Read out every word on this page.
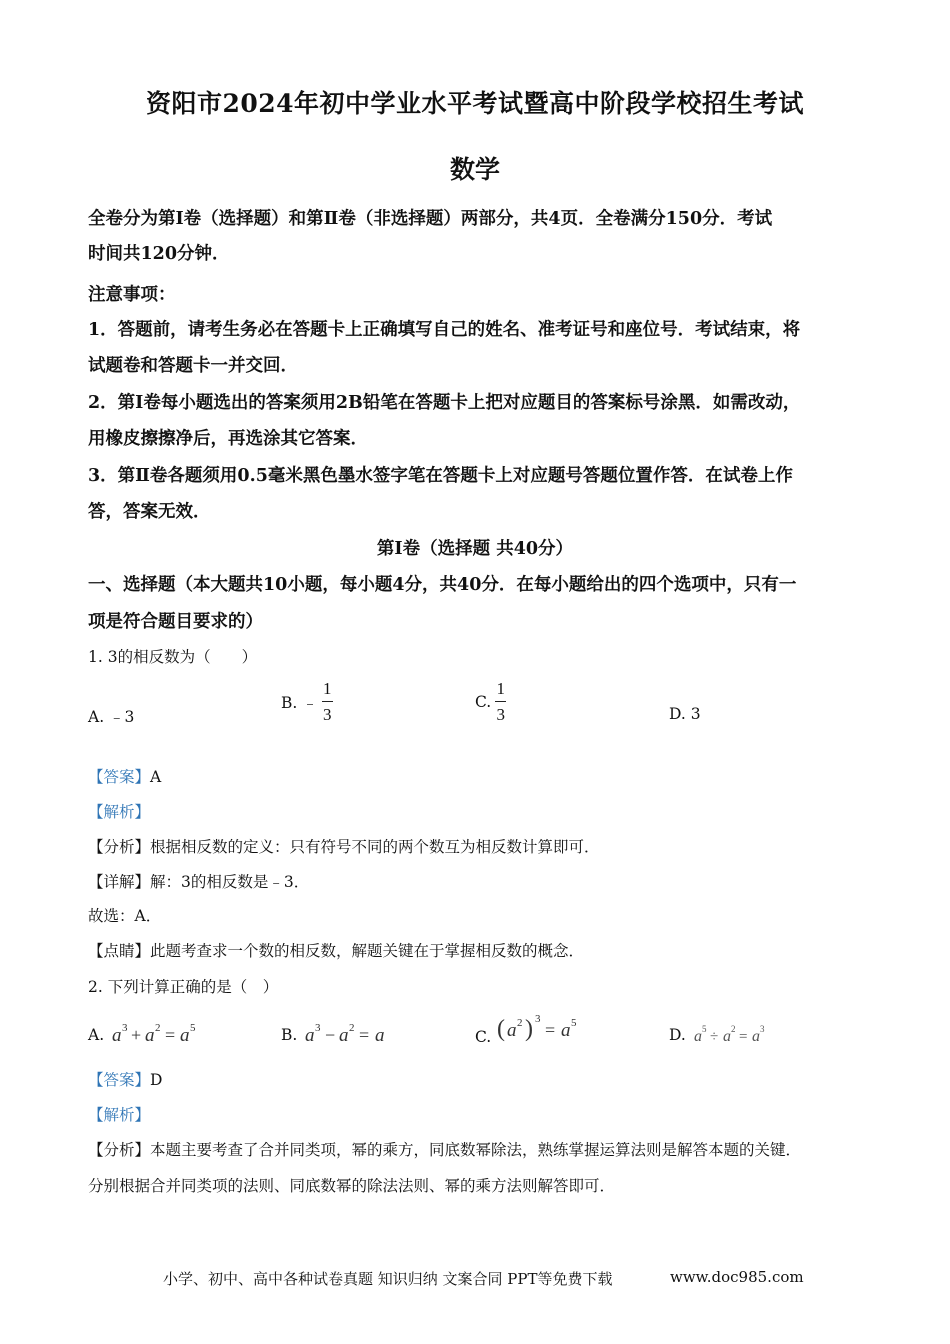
资阳市2024年初中学业水平考试暨高中阶段学校招生考试
数学
全卷分为第Ⅰ卷（选择题）和第Ⅱ卷（非选择题）两部分，共4页．全卷满分150分．考试
时间共120分钟．
注意事项：
1．答题前，请考生务必在答题卡上正确填写自己的姓名、准考证号和座位号．考试结束，将
试题卷和答题卡一并交回．
2．第Ⅰ卷每小题选出的答案须用2B铅笔在答题卡上把对应题目的答案标号涂黑．如需改动，
用橡皮擦擦净后，再选涂其它答案．
3．第Ⅱ卷各题须用0.5毫米黑色墨水签字笔在答题卡上对应题号答题位置作答．在试卷上作
答，答案无效．
第Ⅰ卷（选择题 共40分）
一、选择题（本大题共10小题，每小题4分，共40分．在每小题给出的四个选项中，只有一
项是符合题目要求的）
1. 3的相反数为（　　）
A. ﹣3
B. ﹣ $\frac{1}{3}$	C. $\frac{1}{3}$	D. 3
【答案】A
【解析】
【分析】根据相反数的定义：只有符号不同的两个数互为相反数计算即可．
【详解】解：3的相反数是﹣3．
故选：A．
【点睛】此题考查求一个数的相反数，解题关键在于掌握相反数的概念．
2. 下列计算正确的是（　）
A. a 3 + a 2 = a 5	B. a 3 − a 2 = a	C. ( a 2 ) 3
= a 5
D. a 5 ÷ a 2 = a 3
【答案】D
【解析】
【分析】本题主要考查了合并同类项，幂的乘方，同底数幂除法，熟练掌握运算法则是解答本题的关键．
分别根据合并同类项的法则、同底数幂的除法法则、幂的乘方法则解答即可．
小学、初中、高中各种试卷真题 知识归纳 文案合同 PPT等免费下载	www.doc985.com
